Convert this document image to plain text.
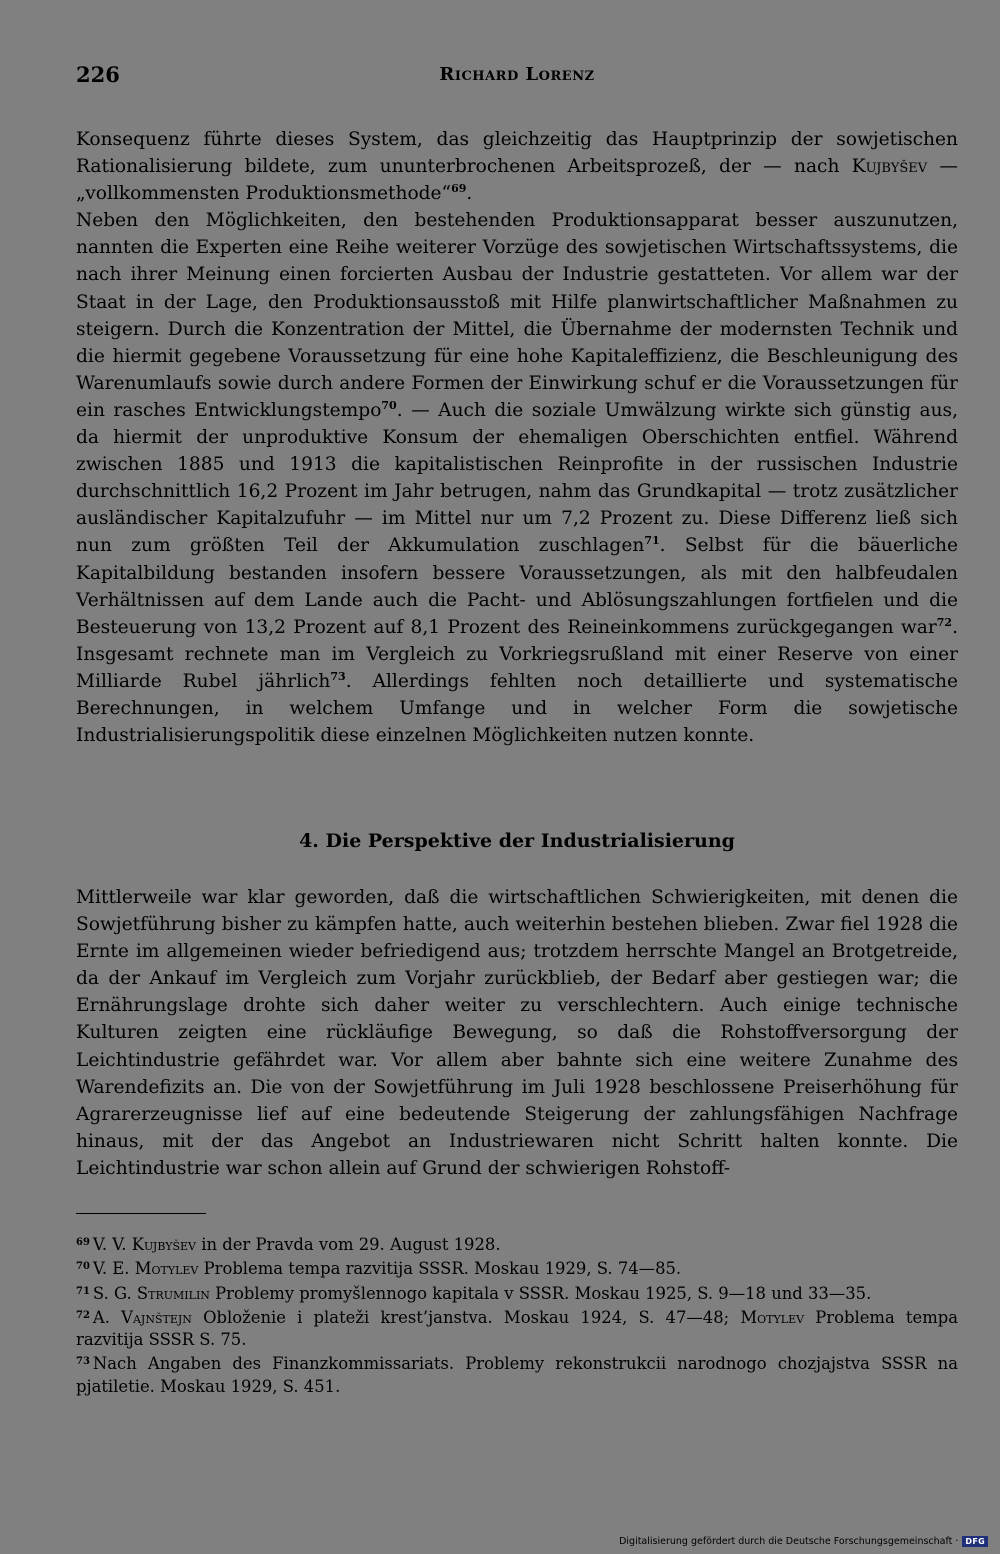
226	Richard Lorenz

Konsequenz führte dieses System, das gleichzeitig das Hauptprinzip der sowjetischen Rationalisierung bildete, zum ununterbrochenen Arbeitsprozeß, der — nach Kujbyšev — „vollkommensten Produktionsmethode“$^{69}$.

Neben den Möglichkeiten, den bestehenden Produktionsapparat besser auszunutzen, nannten die Experten eine Reihe weiterer Vorzüge des sowjetischen Wirtschaftssystems, die nach ihrer Meinung einen forcierten Ausbau der Industrie gestatteten. Vor allem war der Staat in der Lage, den Produktionsausstoß mit Hilfe planwirtschaftlicher Maßnahmen zu steigern. Durch die Konzentration der Mittel, die Übernahme der modernsten Technik und die hiermit gegebene Voraussetzung für eine hohe Kapitaleffizienz, die Beschleunigung des Warenumlaufs sowie durch andere Formen der Einwirkung schuf er die Voraussetzungen für ein rasches Entwicklungstempo$^{70}$. — Auch die soziale Umwälzung wirkte sich günstig aus, da hiermit der unproduktive Konsum der ehemaligen Oberschichten entfiel. Während zwischen 1885 und 1913 die kapitalistischen Reinprofite in der russischen Industrie durchschnittlich 16,2 Prozent im Jahr betrugen, nahm das Grundkapital — trotz zusätzlicher ausländischer Kapitalzufuhr — im Mittel nur um 7,2 Prozent zu. Diese Differenz ließ sich nun zum größten Teil der Akkumulation zuschlagen$^{71}$. Selbst für die bäuerliche Kapitalbildung bestanden insofern bessere Voraussetzungen, als mit den halbfeudalen Verhältnissen auf dem Lande auch die Pacht- und Ablösungszahlungen fortfielen und die Besteuerung von 13,2 Prozent auf 8,1 Prozent des Reineinkommens zurückgegangen war$^{72}$. Insgesamt rechnete man im Vergleich zu Vorkriegsrußland mit einer Reserve von einer Milliarde Rubel jährlich$^{73}$. Allerdings fehlten noch detaillierte und systematische Berechnungen, in welchem Umfange und in welcher Form die sowjetische Industrialisierungspolitik diese einzelnen Möglichkeiten nutzen konnte.

4. Die Perspektive der Industrialisierung

Mittlerweile war klar geworden, daß die wirtschaftlichen Schwierigkeiten, mit denen die Sowjetführung bisher zu kämpfen hatte, auch weiterhin bestehen blieben. Zwar fiel 1928 die Ernte im allgemeinen wieder befriedigend aus; trotzdem herrschte Mangel an Brotgetreide, da der Ankauf im Vergleich zum Vorjahr zurückblieb, der Bedarf aber gestiegen war; die Ernährungslage drohte sich daher weiter zu verschlechtern. Auch einige technische Kulturen zeigten eine rückläufige Bewegung, so daß die Rohstoffversorgung der Leichtindustrie gefährdet war. Vor allem aber bahnte sich eine weitere Zunahme des Warendefizits an. Die von der Sowjetführung im Juli 1928 beschlossene Preiserhöhung für Agrarerzeugnisse lief auf eine bedeutende Steigerung der zahlungsfähigen Nachfrage hinaus, mit der das Angebot an Industriewaren nicht Schritt halten konnte. Die Leichtindustrie war schon allein auf Grund der schwierigen Rohstoff-

$^{69}$ V. V. Kujbyšev in der Pravda vom 29. August 1928.

$^{70}$ V. E. Motylev Problema tempa razvitija SSSR. Moskau 1929, S. 74—85.

$^{71}$ S. G. Strumilin Problemy promyšlennogo kapitala v SSSR. Moskau 1925, S. 9—18 und 33—35.

$^{72}$ A. Vajnštejn Obloženie i plateži krest’janstva. Moskau 1924, S. 47—48; Motylev Problema tempa razvitija SSSR S. 75.

$^{73}$ Nach Angaben des Finanzkommissariats. Problemy rekonstrukcii narodnogo chozjajstva SSSR na pjatiletie. Moskau 1929, S. 451.

Digitalisierung gefördert durch die Deutsche Forschungsgemeinschaft · DFG
